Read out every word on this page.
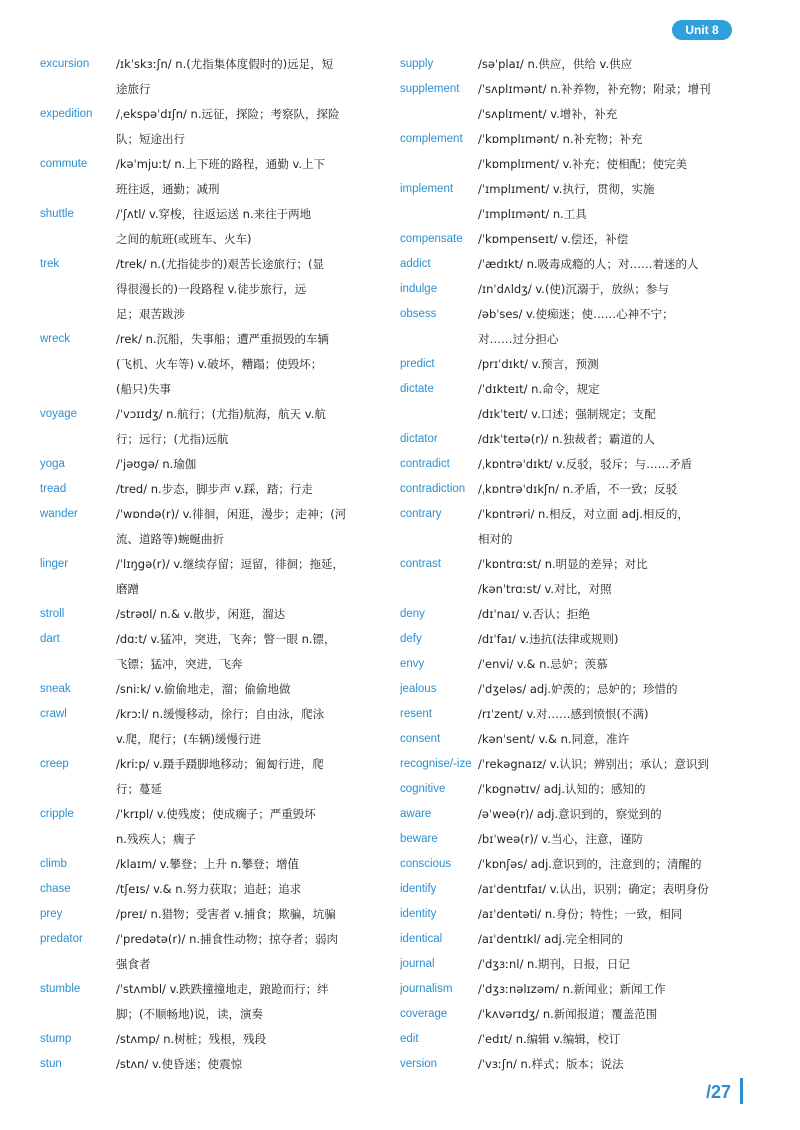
Unit 8
excursion	/ɪkˈskɜːʃn/ n.(尤指集体度假时的)远足，短
途旅行
expedition	/ˌekspəˈdɪʃn/ n.远征，探险；考察队，探险
队；短途出行
commute	/kəˈmjuːt/ n.上下班的路程，通勤 v.上下
班往返，通勤；减刑
shuttle	/ˈʃʌtl/ v.穿梭，往返运送 n.来往于两地
之间的航班(或班车、火车)
trek	/trek/ n.(尤指徒步的)艰苦长途旅行；(显
得很漫长的)一段路程 v.徒步旅行，远
足；艰苦跋涉
wreck	/rek/ n.沉船，失事船；遭严重损毁的车辆
(飞机、火车等) v.破坏，糟蹋；使毁坏；
(船只)失事
voyage	/ˈvɔɪɪdʒ/ n.航行；(尤指)航海，航天 v.航
行；远行；(尤指)远航
yoga	/ˈjəʊgə/ n.瑜伽
tread	/tred/ n.步态，脚步声 v.踩，踏；行走
wander	/ˈwɒndə(r)/ v.徘徊，闲逛，漫步；走神；(河
流、道路等)蜿蜒曲折
linger	/ˈlɪŋgə(r)/ v.继续存留；逗留，徘徊；拖延，
磨蹭
stroll	/strəʊl/ n.& v.散步，闲逛，溜达
dart	/dɑːt/ v.猛冲，突进，飞奔；瞥一眼 n.镖，
飞镖；猛冲，突进，飞奔
sneak	/sniːk/ v.偷偷地走，溜；偷偷地做
crawl	/krɔːl/ n.缓慢移动，徐行；自由泳，爬泳
v.爬，爬行；(车辆)缓慢行进
creep	/kriːp/ v.蹑手蹑脚地移动；匍匐行进，爬
行；蔓延
cripple	/ˈkrɪpl/ v.使残废；使成瘸子；严重毁坏
n.残疾人；瘸子
climb	/klaɪm/ v.攀登；上升 n.攀登；增值
chase	/tʃeɪs/ v.& n.努力获取；追赶；追求
prey	/preɪ/ n.猎物；受害者 v.捕食；欺骗，坑骗
predator	/ˈpredətə(r)/ n.捕食性动物；掠夺者；弱肉
强食者
stumble	/ˈstʌmbl/ v.跌跌撞撞地走，踉跄而行；绊
脚；(不顺畅地)说，读，演奏
stump	/stʌmp/ n.树桩；残根，残段
stun	/stʌn/ v.使昏迷；使震惊
supply	/səˈplaɪ/ n.供应，供给 v.供应
supplement	/ˈsʌplɪmənt/ n.补养物，补充物；附录；增刊
/ˈsʌplɪment/ v.增补，补充
complement	/ˈkɒmplɪmənt/ n.补充物；补充
/ˈkɒmplɪment/ v.补充；使相配；使完美
implement	/ˈɪmplɪment/ v.执行，贯彻，实施
/ˈɪmplɪmənt/ n.工具
compensate	/ˈkɒmpenseɪt/ v.偿还，补偿
addict	/ˈædɪkt/ n.吸毒成瘾的人；对……着迷的人
indulge	/ɪnˈdʌldʒ/ v.(使)沉溺于，放纵；参与
obsess	/əbˈses/ v.使痴迷；使……心神不宁；
对……过分担心
predict	/prɪˈdɪkt/ v.预言，预测
dictate	/ˈdɪkteɪt/ n.命令，规定
/dɪkˈteɪt/ v.口述；强制规定；支配
dictator	/dɪkˈteɪtə(r)/ n.独裁者；霸道的人
contradict	/ˌkɒntrəˈdɪkt/ v.反驳，驳斥；与……矛盾
contradiction	/ˌkɒntrəˈdɪkʃn/ n.矛盾，不一致；反驳
contrary	/ˈkɒntrəri/ n.相反，对立面 adj.相反的，
相对的
contrast	/ˈkɒntrɑːst/ n.明显的差异；对比
/kənˈtrɑːst/ v.对比，对照
deny	/dɪˈnaɪ/ v.否认；拒绝
defy	/dɪˈfaɪ/ v.违抗(法律或规则)
envy	/ˈenvi/ v.& n.忌妒；羡慕
jealous	/ˈdʒeləs/ adj.妒羡的；忌妒的；珍惜的
resent	/rɪˈzent/ v.对……感到愤恨(不满)
consent	/kənˈsent/ v.& n.同意，准许
recognise/-ize /ˈrekəgnaɪz/ v.认识；辨别出；承认；意识到
cognitive	/ˈkɒgnətɪv/ adj.认知的；感知的
aware	/əˈweə(r)/ adj.意识到的，察觉到的
beware	/bɪˈweə(r)/ v.当心，注意，谨防
conscious	/ˈkɒnʃəs/ adj.意识到的，注意到的；清醒的
identify	/aɪˈdentɪfaɪ/ v.认出，识别；确定；表明身份
identity	/aɪˈdentəti/ n.身份；特性；一致，相同
identical	/aɪˈdentɪkl/ adj.完全相同的
journal	/ˈdʒɜːnl/ n.期刊，日报，日记
journalism	/ˈdʒɜːnəlɪzəm/ n.新闻业；新闻工作
coverage	/ˈkʌvərɪdʒ/ n.新闻报道；覆盖范围
edit	/ˈedɪt/ n.编辑 v.编辑，校订
version	/ˈvɜːʃn/ n.样式；版本；说法
/27
